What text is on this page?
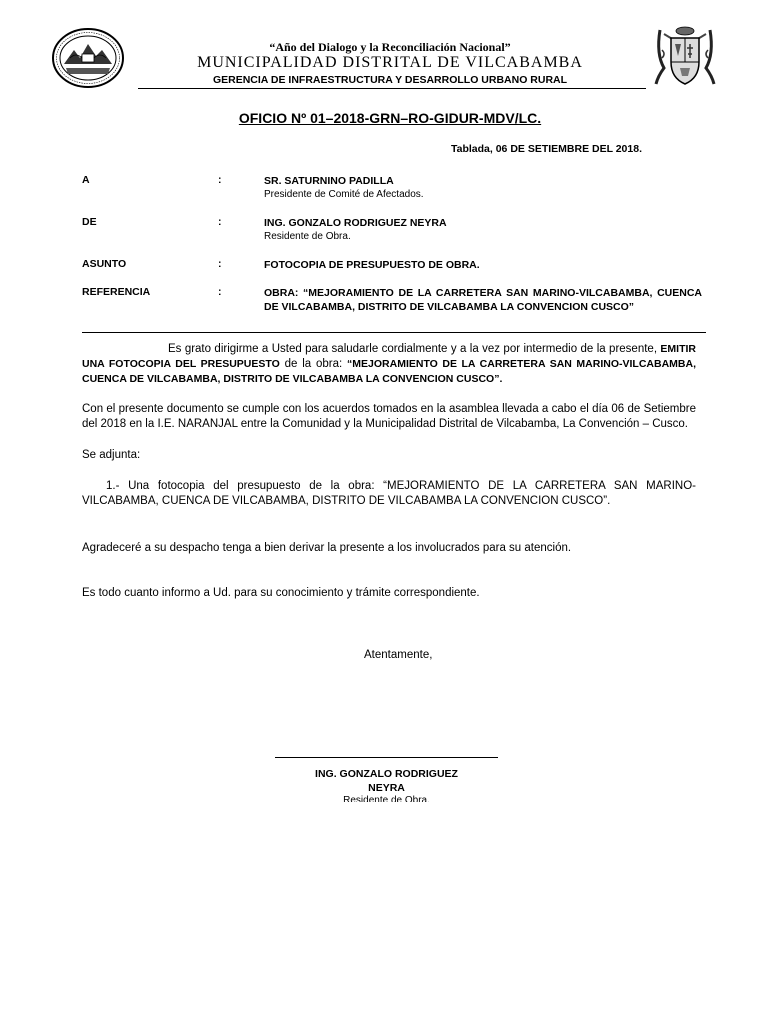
“Año del Dialogo y la Reconciliación Nacional”
MUNICIPALIDAD DISTRITAL DE VILCABAMBA
GERENCIA DE INFRAESTRUCTURA Y DESARROLLO URBANO RURAL
OFICIO Nº 01–2018-GRN–RO-GIDUR-MDV/LC.
Tablada, 06 DE SETIEMBRE DEL 2018.
A	:	SR. SATURNINO PADILLA
Presidente de Comité de Afectados.
DE	:	ING. GONZALO RODRIGUEZ NEYRA
Residente de Obra.
ASUNTO	:	FOTOCOPIA DE PRESUPUESTO DE OBRA.
REFERENCIA	:	OBRA: “MEJORAMIENTO DE LA CARRETERA SAN MARINO-VILCABAMBA, CUENCA DE VILCABAMBA, DISTRITO DE VILCABAMBA LA CONVENCION CUSCO”
Es grato dirigirme a Usted para saludarle cordialmente y a la vez por intermedio de la presente, EMITIR UNA FOTOCOPIA DEL PRESUPUESTO de la obra: “MEJORAMIENTO DE LA CARRETERA SAN MARINO-VILCABAMBA, CUENCA DE VILCABAMBA, DISTRITO DE VILCABAMBA LA CONVENCION CUSCO”.
Con el presente documento se cumple con los acuerdos tomados en la asamblea llevada a cabo el día 06 de Setiembre del 2018 en la I.E. NARANJAL entre la Comunidad y la Municipalidad Distrital de Vilcabamba, La Convención – Cusco.
Se adjunta:
1.- Una fotocopia del presupuesto de la obra: “MEJORAMIENTO DE LA CARRETERA SAN MARINO-VILCABAMBA, CUENCA DE VILCABAMBA, DISTRITO DE VILCABAMBA LA CONVENCION CUSCO”.
Agradeceré a su despacho tenga a bien derivar la presente a los involucrados para su atención.
Es todo cuanto informo a Ud. para su conocimiento y trámite correspondiente.
Atentamente,
ING. GONZALO RODRIGUEZ
NEYRA
Residente de Obra.
